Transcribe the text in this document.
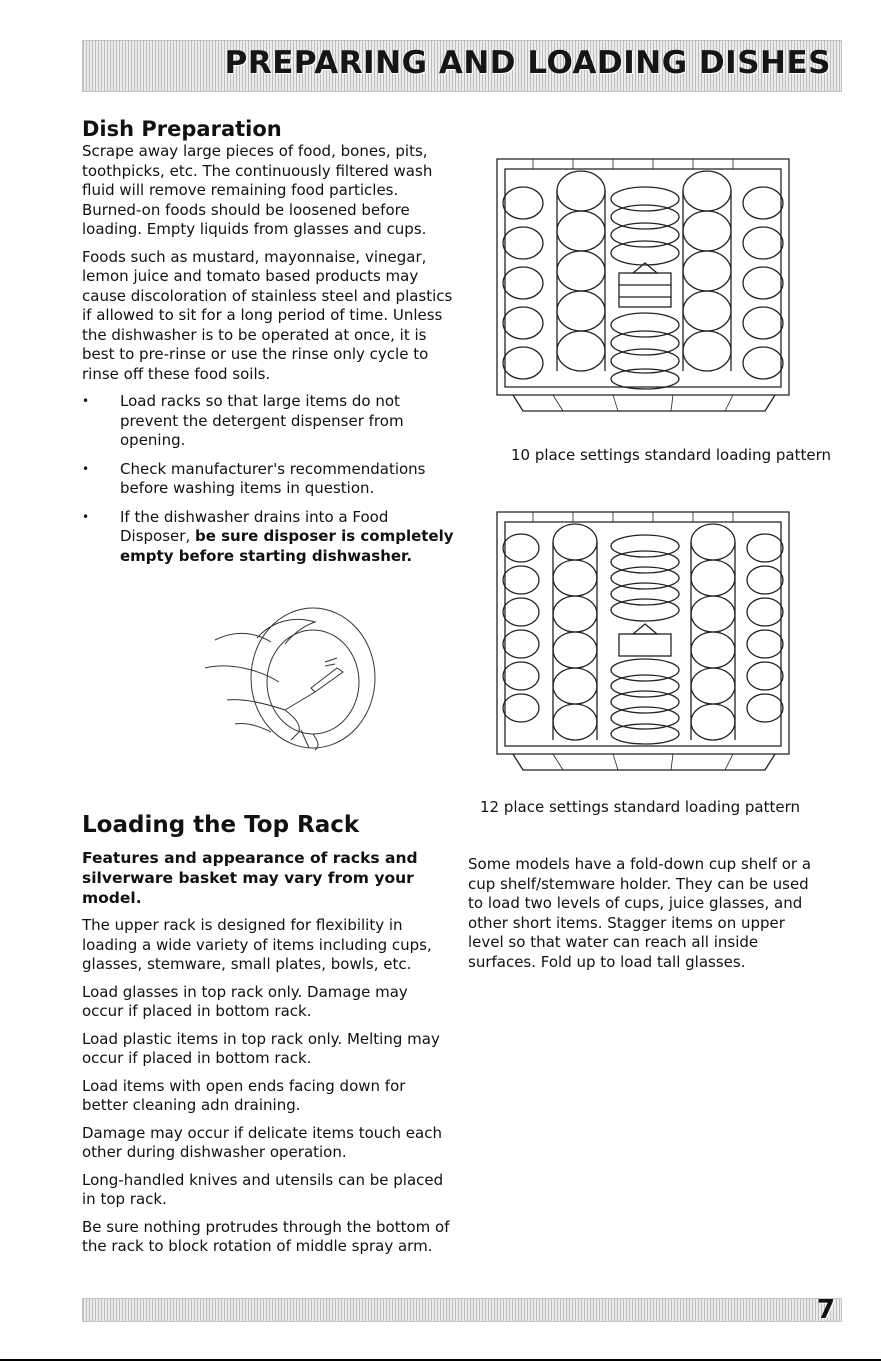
PREPARING AND LOADING DISHES
Dish Preparation

Scrape away large pieces of food, bones, pits, toothpicks, etc. The continuously filtered wash fluid will remove remaining food particles. Burned-on foods should be loosened before loading. Empty liquids from glasses and cups.

Foods such as mustard, mayonnaise, vinegar, lemon juice and tomato based products may cause discoloration of stainless steel and plastics if allowed to sit for a long period of time. Unless the dishwasher is to be operated at once, it is best to pre-rinse or use the rinse only cycle to rinse off these food soils.

• Load racks so that large items do not prevent the detergent dispenser from opening.
• Check manufacturer's recommendations before washing items in question.
• If the dishwasher drains into a Food Disposer, be sure disposer is completely empty before starting dishwasher.
10 place settings standard loading pattern
12 place settings standard loading pattern
Loading the Top Rack
Features and appearance of racks and silverware basket may vary from your model.

The upper rack is designed for flexibility in loading a wide variety of items including cups, glasses, stemware, small plates, bowls, etc.

Load glasses in top rack only. Damage may occur if placed in bottom rack.

Load plastic items in top rack only. Melting may occur if placed in bottom rack.

Load items with open ends facing down for better cleaning adn draining.

Damage may occur if delicate items touch each other during dishwasher operation.

Long-handled knives and utensils can be placed in top rack.

Be sure nothing protrudes through the bottom of the rack to block rotation of middle spray arm.

Some models have a fold-down cup shelf or a cup shelf/stemware holder. They can be used to load two levels of cups, juice glasses, and other short items. Stagger items on upper level so that water can reach all inside surfaces. Fold up to load tall glasses.

7
